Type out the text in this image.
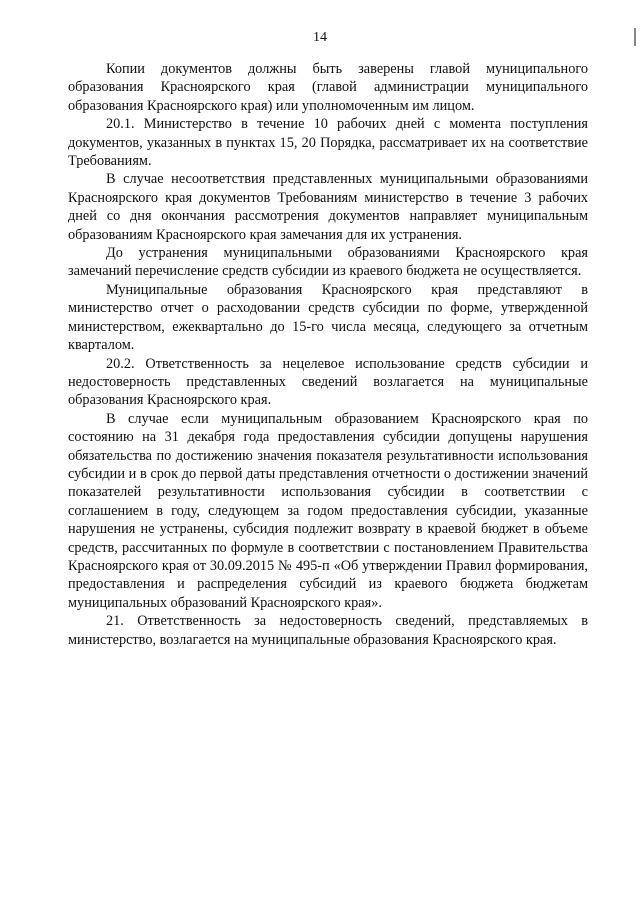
14

Копии документов должны быть заверены главой муниципального образования Красноярского края (главой администрации муниципального образования Красноярского края) или уполномоченным им лицом.

20.1. Министерство в течение 10 рабочих дней с момента поступления документов, указанных в пунктах 15, 20 Порядка, рассматривает их на соответствие Требованиям.

В случае несоответствия представленных муниципальными образованиями Красноярского края документов Требованиям министерство в течение 3 рабочих дней со дня окончания рассмотрения документов направляет муниципальным образованиям Красноярского края замечания для их устранения.

До устранения муниципальными образованиями Красноярского края замечаний перечисление средств субсидии из краевого бюджета не осуществляется.

Муниципальные образования Красноярского края представляют в министерство отчет о расходовании средств субсидии по форме, утвержденной министерством, ежеквартально до 15-го числа месяца, следующего за отчетным кварталом.

20.2. Ответственность за нецелевое использование средств субсидии и недостоверность представленных сведений возлагается на муниципальные образования Красноярского края.

В случае если муниципальным образованием Красноярского края по состоянию на 31 декабря года предоставления субсидии допущены нарушения обязательства по достижению значения показателя результативности использования субсидии и в срок до первой даты представления отчетности о достижении значений показателей результативности использования субсидии в соответствии с соглашением в году, следующем за годом предоставления субсидии, указанные нарушения не устранены, субсидия подлежит возврату в краевой бюджет в объеме средств, рассчитанных по формуле в соответствии с постановлением Правительства Красноярского края от 30.09.2015 № 495-п «Об утверждении Правил формирования, предоставления и распределения субсидий из краевого бюджета бюджетам муниципальных образований Красноярского края».

21. Ответственность за недостоверность сведений, представляемых в министерство, возлагается на муниципальные образования Красноярского края.
